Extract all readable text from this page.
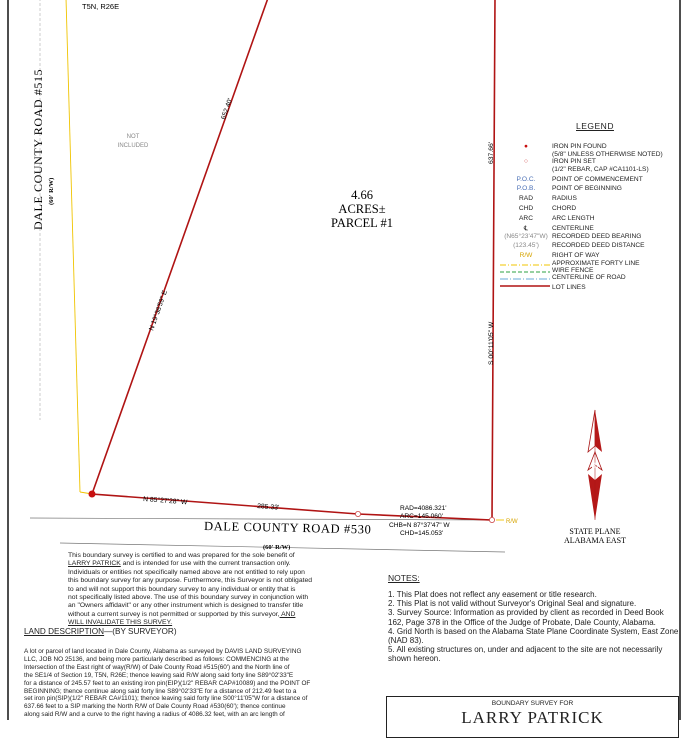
T5N, R26E
R/W
DALE COUNTY ROAD #515 (60' R/W)
NOT
INCLUDED
4.66
ACRES±
PARCEL #1
652.40'
N 19°38'59" E
637.66'
S 00°11'05" W
N 85°27'28" W
285.33'	RAD=4086.321'
ARC=145.060'
CHB=N 87°37'47" W
CHD=145.053'
DALE COUNTY ROAD #530
(60' R/W)
N
STATE PLANE
ALABAMA EAST
LEGEND
●	IRON PIN FOUND
(5/8" UNLESS OTHERWISE NOTED)
○	IRON PIN SET
(1/2" REBAR, CAP #CA1101-LS)
P.O.C.	POINT OF COMMENCEMENT
P.O.B.	POINT OF BEGINNING
RAD	RADIUS
CHD	CHORD
ARC	ARC LENGTH
℄	CENTERLINE
(N65°23'47"W) RECORDED DEED BEARING
(123.45')	RECORDED DEED DISTANCE
R/W	RIGHT OF WAY
APPROXIMATE FORTY LINE
WIRE FENCE
CENTERLINE OF ROAD
LOT LINES

This boundary survey is certified to and was prepared for the sole benefit of

LARRY PATRICK and is intended for use with the current transaction only.

Individuals or entities not specifically named above are not entitled to rely upon

this boundary survey for any purpose. Furthermore, this Surveyor is not obligated

to and will not support this boundary survey to any individual or entity that is

not specifically listed above. The use of this boundary survey in conjunction with

an "Owners affidavit" or any other instrument which is designed to transfer title

without a current survey is not permitted or supported by this surveyor, AND

WILL INVALIDATE THIS SURVEY.

LAND DESCRIPTION—(BY SURVEYOR)

A lot or parcel of land located in Dale County, Alabama as surveyed by DAVIS LAND SURVEYING

LLC, JOB NO 25136, and being more particularly described as follows: COMMENCING at the

Intersection of the East right of way(R/W) of Dale County Road #515(60') and the North line of

the SE1/4 of Section 19, T5N, R26E; thence leaving said R/W along said forty line S89°02'33"E

for a distance of 245.57 feet to an existing iron pin(EIP)(1/2" REBAR CAP#10089) and the POINT OF

BEGINNING; thence continue along said forty line S89°02'33"E for a distance of 212.49 feet to a

set iron pin(SIP)(1/2" REBAR CA#1101); thence leaving said forty line S00°11'05"W for a distance of

637.66 feet to a SIP marking the North R/W of Dale County Road #530(60'); thence continue

along said R/W and a curve to the right having a radius of 4086.32 feet, with an arc length of

NOTES:

1. This Plat does not reflect any easement or title research.

2. This Plat is not valid without Surveyor's Original Seal and signature.

3. Survey Source: Information as provided by client as recorded in Deed Book 162, Page 378 in the Office of the Judge of Probate, Dale County, Alabama.

4. Grid North is based on the Alabama State Plane Coordinate System, East Zone (NAD 83).

5. All existing structures on, under and adjacent to the site are not necessarily shown hereon.

BOUNDARY SURVEY FOR
LARRY PATRICK
